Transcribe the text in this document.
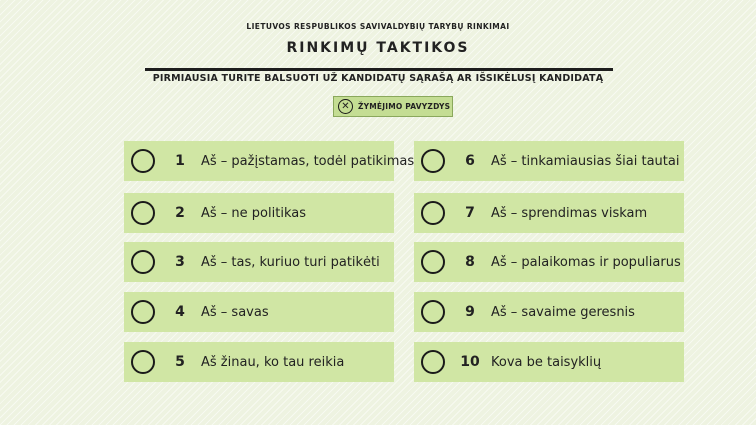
LIETUVOS RESPUBLIKOS SAVIVALDYBIŲ TARYBŲ RINKIMAI
RINKIMŲ TAKTIKOS
PIRMIAUSIA TURITE BALSUOTI UŽ KANDIDATŲ SĄRAŠĄ AR IŠSIKĖLUSĮ KANDIDATĄ
✕	ŽYMĖJIMO PAVYZDYS
1	Aš – pažįstamas, todėl patikimas
2	Aš – ne politikas
3	Aš – tas, kuriuo turi patikėti
4	Aš – savas
5	Aš žinau, ko tau reikia
6	Aš – tinkamiausias šiai tautai
7	Aš – sprendimas viskam
8	Aš – palaikomas ir populiarus
9	Aš – savaime geresnis
10 Kova be taisyklių
